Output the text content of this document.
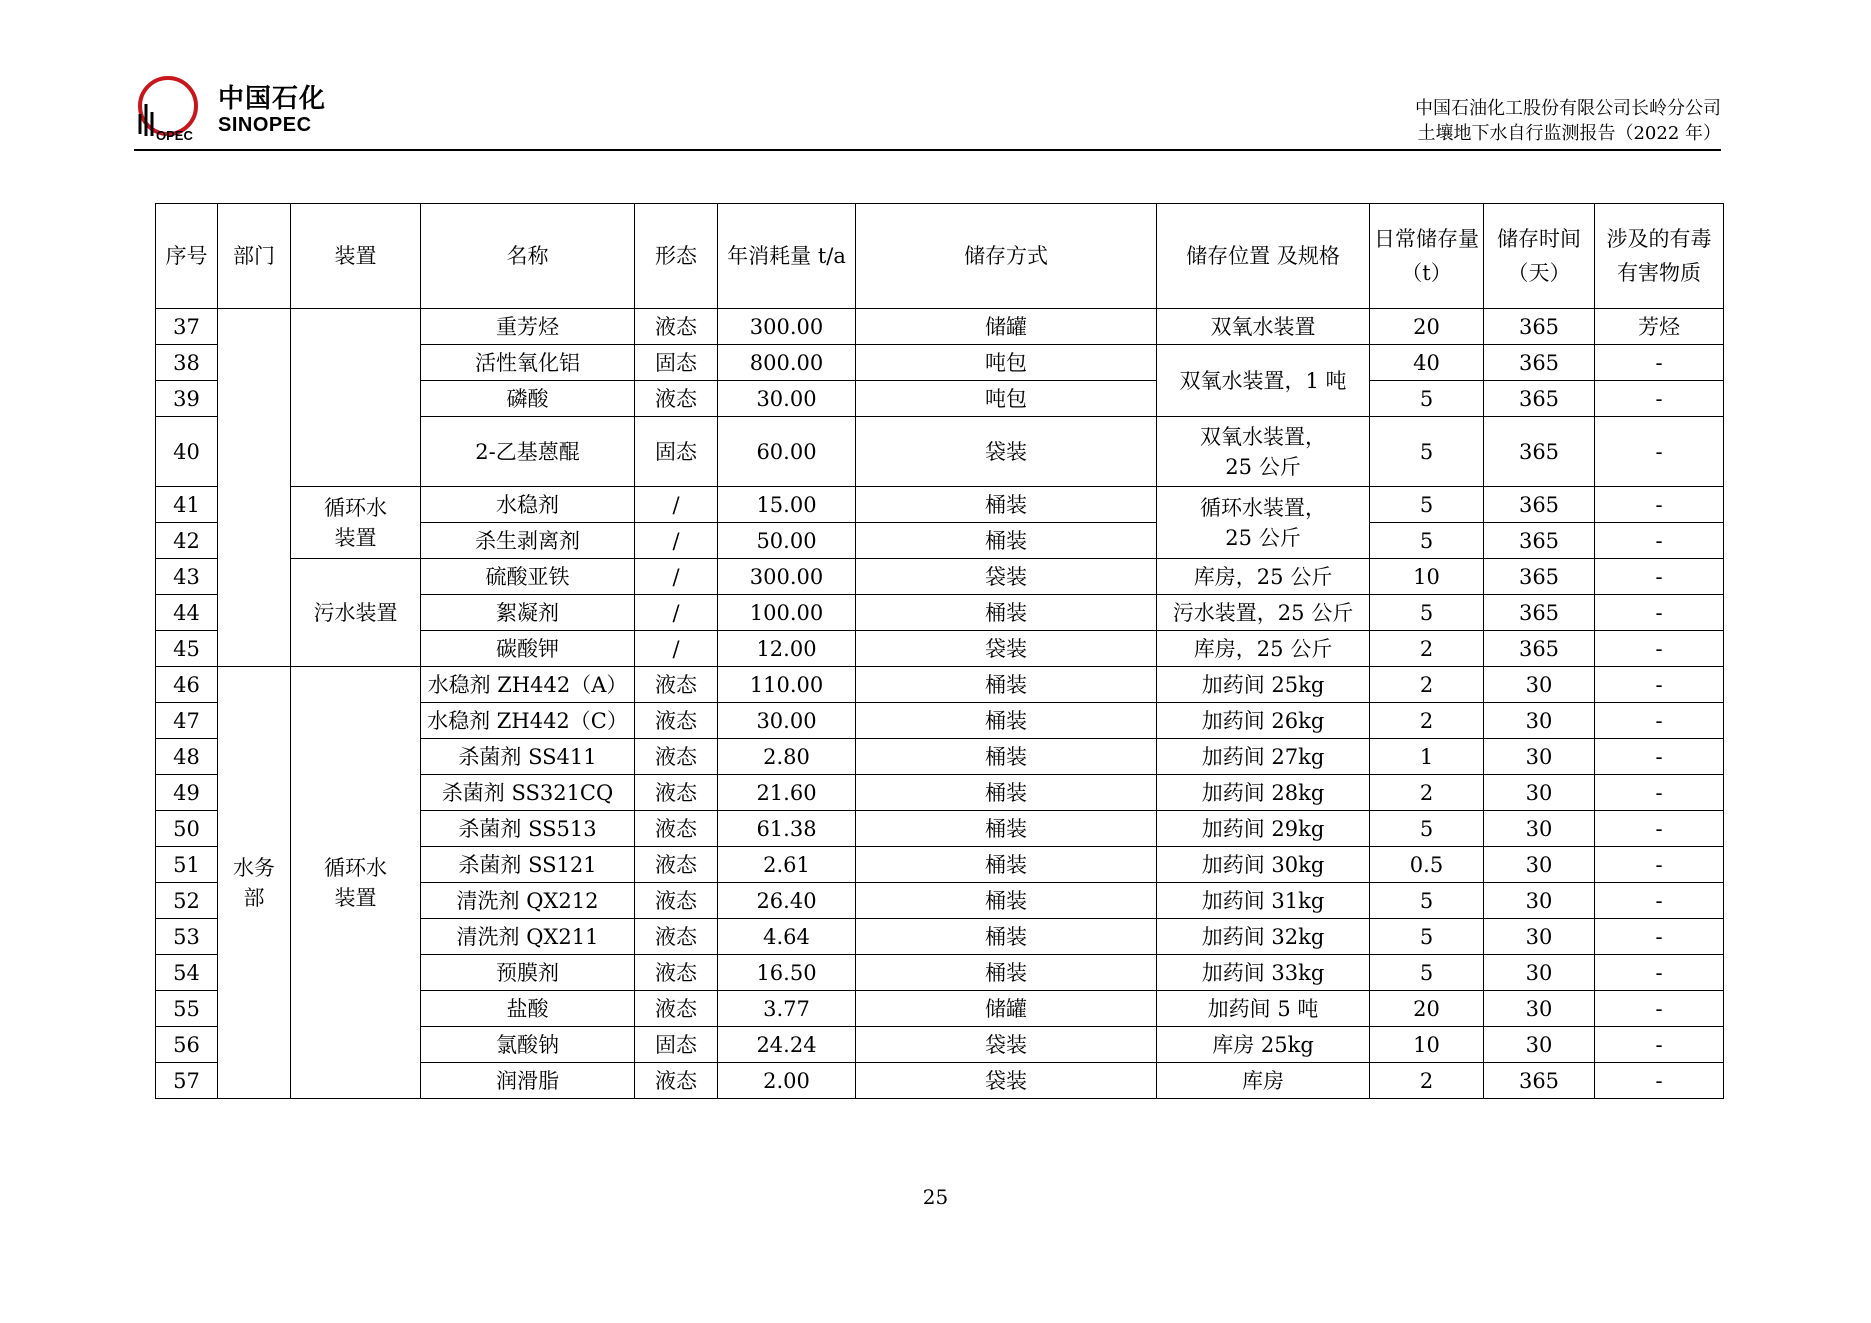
OPEC
中国石化
SINOPEC
中国石油化工股份有限公司长岭分公司
土壤地下水自行监测报告（2022 年）
序号	部门	装置	名称	形态	年消耗量 t/a	储存方式	储存位置 及规格	日常储存量（t）	储存时间（天）	涉及的有毒有害物质
37			重芳烃	液态	300.00	储罐	双氧水装置	20	365	芳烃
38			活性氧化铝	固态	800.00	吨包	双氧水装置，1 吨	40	365	-
39			磷酸	液态	30.00	吨包		5	365	-
40			2-乙基蒽醌	固态	60.00	袋装	双氧水装置，25 公斤	5	365	-
41		循环水装置	水稳剂	/	15.00	桶装	循环水装置，25 公斤	5	365	-
42			杀生剥离剂	/	50.00	桶装		5	365	-
43		污水装置	硫酸亚铁	/	300.00	袋装	库房，25 公斤	10	365	-
44			絮凝剂	/	100.00	桶装	污水装置，25 公斤	5	365	-
45			碳酸钾	/	12.00	袋装	库房，25 公斤	2	365	-
46	水务部	循环水装置	水稳剂 ZH442（A）	液态	110.00	桶装	加药间 25kg	2	30	-
47			水稳剂 ZH442（C）	液态	30.00	桶装	加药间 26kg	2	30	-
48			杀菌剂 SS411	液态	2.80	桶装	加药间 27kg	1	30	-
49			杀菌剂 SS321CQ	液态	21.60	桶装	加药间 28kg	2	30	-
50			杀菌剂 SS513	液态	61.38	桶装	加药间 29kg	5	30	-
51			杀菌剂 SS121	液态	2.61	桶装	加药间 30kg	0.5	30	-
52			清洗剂 QX212	液态	26.40	桶装	加药间 31kg	5	30	-
53			清洗剂 QX211	液态	4.64	桶装	加药间 32kg	5	30	-
54			预膜剂	液态	16.50	桶装	加药间 33kg	5	30	-
55			盐酸	液态	3.77	储罐	加药间 5 吨	20	30	-
56			氯酸钠	固态	24.24	袋装	库房 25kg	10	30	-
57			润滑脂	液态	2.00	袋装	库房	2	365	-
25
